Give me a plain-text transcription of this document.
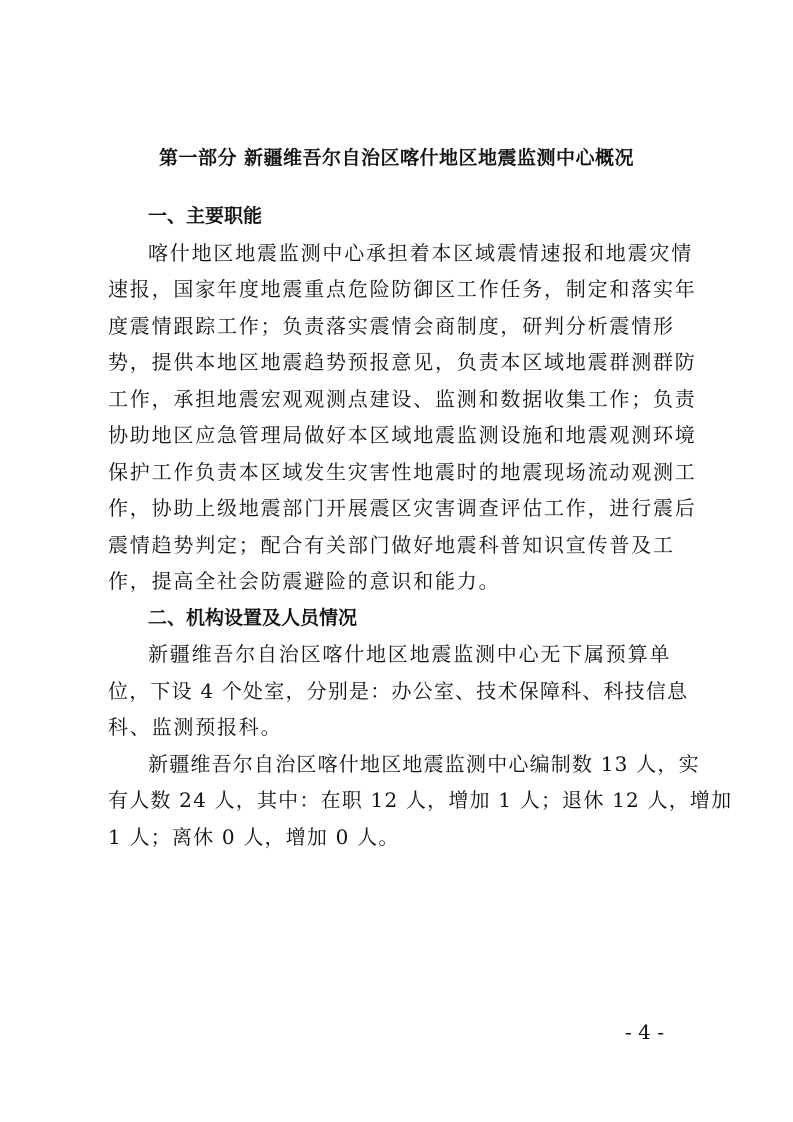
第一部分 新疆维吾尔自治区喀什地区地震监测中心概况
一、主要职能
喀什地区地震监测中心承担着本区域震情速报和地震灾情
速报，国家年度地震重点危险防御区工作任务，制定和落实年
度震情跟踪工作；负责落实震情会商制度，研判分析震情形
势，提供本地区地震趋势预报意见，负责本区域地震群测群防
工作，承担地震宏观观测点建设、监测和数据收集工作；负责
协助地区应急管理局做好本区域地震监测设施和地震观测环境
保护工作负责本区域发生灾害性地震时的地震现场流动观测工
作，协助上级地震部门开展震区灾害调查评估工作，进行震后
震情趋势判定；配合有关部门做好地震科普知识宣传普及工
作，提高全社会防震避险的意识和能力。
二、机构设置及人员情况
新疆维吾尔自治区喀什地区地震监测中心无下属预算单
位，下设 4 个处室，分别是：办公室、技术保障科、科技信息
科、监测预报科。
新疆维吾尔自治区喀什地区地震监测中心编制数 13 人，实
有人数 24 人，其中：在职 12 人，增加 1 人；退休 12 人，增加
1 人；离休 0 人，增加 0 人。
- 4 -
